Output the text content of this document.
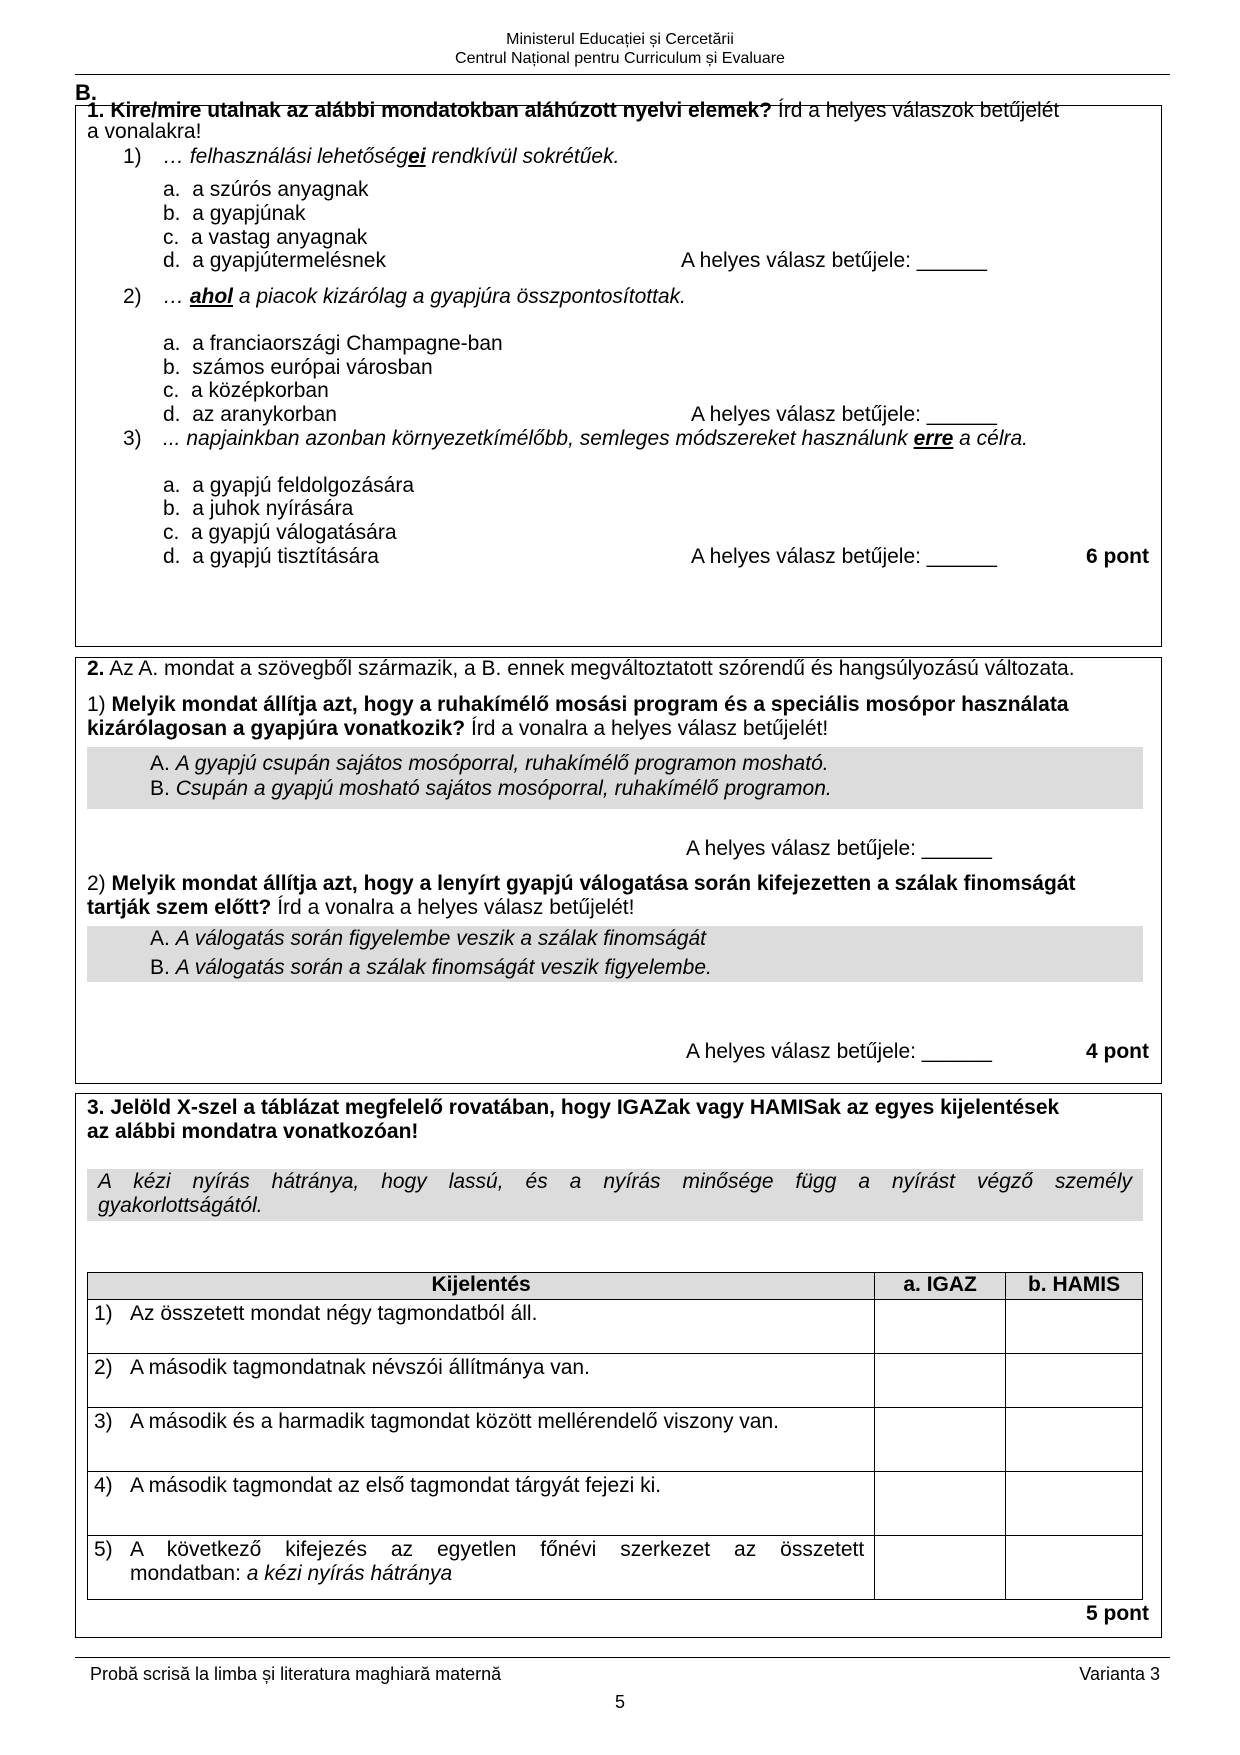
Ministerul Educației și Cercetării
Centrul Național pentru Curriculum și Evaluare
B.
1. Kire/mire utalnak az alábbi mondatokban aláhúzott nyelvi elemek? Írd a helyes válaszok betűjelét
a vonalakra!
1) … felhasználási lehetőségei rendkívül sokrétűek.
a. a szúrós anyagnak
b. a gyapjúnak
c. a vastag anyagnak
d. a gyapjútermelésnek	A helyes válasz betűjele: ______
2) … ahol a piacok kizárólag a gyapjúra összpontosítottak.
a. a franciaországi Champagne-ban
b. számos európai városban
c. a középkorban
d. az aranykorban	A helyes válasz betűjele: ______
3) ... napjainkban azonban környezetkímélőbb, semleges módszereket használunk erre a célra.
a. a gyapjú feldolgozására
b. a juhok nyírására
c. a gyapjú válogatására
d. a gyapjú tisztítására	A helyes válasz betűjele: ______	6 pont
2. Az A. mondat a szövegből származik, a B. ennek megváltoztatott szórendű és hangsúlyozású változata.
1) Melyik mondat állítja azt, hogy a ruhakímélő mosási program és a speciális mosópor használata
kizárólagosan a gyapjúra vonatkozik? Írd a vonalra a helyes válasz betűjelét!
A. A gyapjú csupán sajátos mosóporral, ruhakímélő programon mosható.
B. Csupán a gyapjú mosható sajátos mosóporral, ruhakímélő programon.
A helyes válasz betűjele: ______
2) Melyik mondat állítja azt, hogy a lenyírt gyapjú válogatása során kifejezetten a szálak finomságát
tartják szem előtt? Írd a vonalra a helyes válasz betűjelét!
A. A válogatás során figyelembe veszik a szálak finomságát
B. A válogatás során a szálak finomságát veszik figyelembe.
A helyes válasz betűjele: ______	4 pont
3. Jelöld X-szel a táblázat megfelelő rovatában, hogy IGAZak vagy HAMISak az egyes kijelentések
az alábbi mondatra vonatkozóan!
A kézi nyírás hátránya, hogy lassú, és a nyírás minősége függ a nyírást végző személy
gyakorlottságától.
Kijelentés	a. IGAZ	b. HAMIS

1) Az összetett mondat négy tagmondatból áll.		

2) A második tagmondatnak névszói állítmánya van.		

3) A második és a harmadik tagmondat között mellérendelő viszony van.		

4) A második tagmondat az első tagmondat tárgyát fejezi ki.		

5) A következő kifejezés az egyetlen főnévi szerkezet az összetett
mondatban: a kézi nyírás hátránya		

5 pont
Probă scrisă la limba și literatura maghiară maternă	Varianta 3
5
